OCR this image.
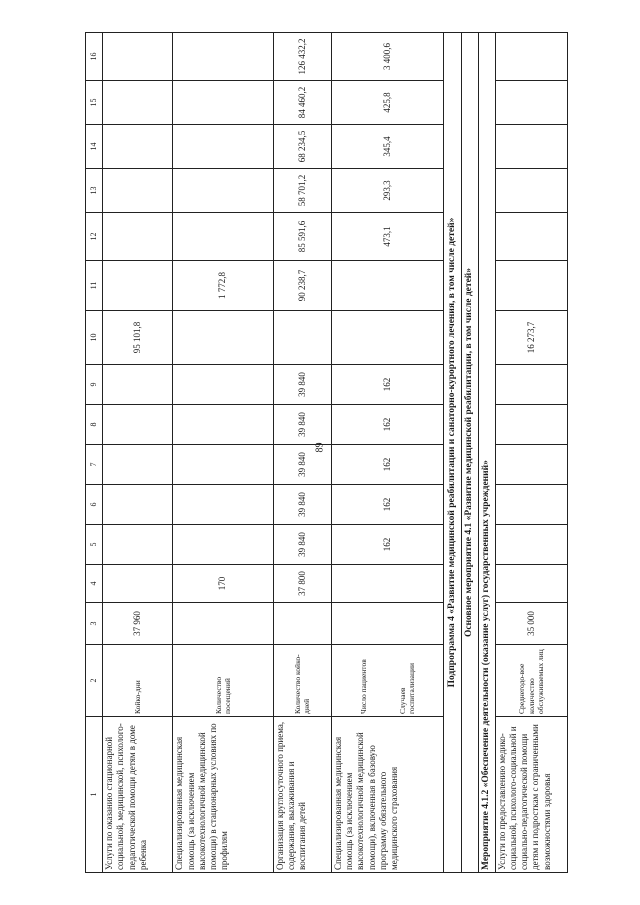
89
1	2	3	4	5	6	7	8	9	10	11	12	13	14	15	16
Услуги по оказанию стационарной социальной, медицинской, психолого-педагогической помощи детям в доме ребенка	Койко-дни	37 960							95 101,8						
Специализированная медицинская помощь (за исключением высокотехнологичной медицинской помощи) в стационарных условиях по профилям	Количество посещений		170							1 772,8					
Организация круглосуточного приема, содержания, выхаживания и воспитания детей	Количество койко-дней		37 800	39 840	39 840	39 840	39 840	39 840		90 238,7	85 591,6	58 701,2	68 234,5	84 460,2	126 432,2
Специализированная медицинская помощь (за исключением высокотехнологичной медицинской помощи), включенная в базовую программу обязательного медицинского страхования	Число пациентов Случаев госпитализации			162	162	162	162	162			473,1	293,3	345,4	425,8	3 400,6
Подпрограмма 4 «Развитие медицинской реабилитации и санаторно-курортного лечения, в том числе детей»															
Основное мероприятие 4.1 «Развитие медицинской реабилитации, в том числе детей»															
Мероприятие 4.1.2 «Обеспечение деятельности (оказание услуг) государственных учреждений»															
Услуги по предоставлению медико-социальной, психолого-социальной и социально-педагогической помощи детям и подросткам с ограниченными возможностями здоровья	Среднегодо-вое количество обслуживаемых лиц	35 000							16 273,7						
